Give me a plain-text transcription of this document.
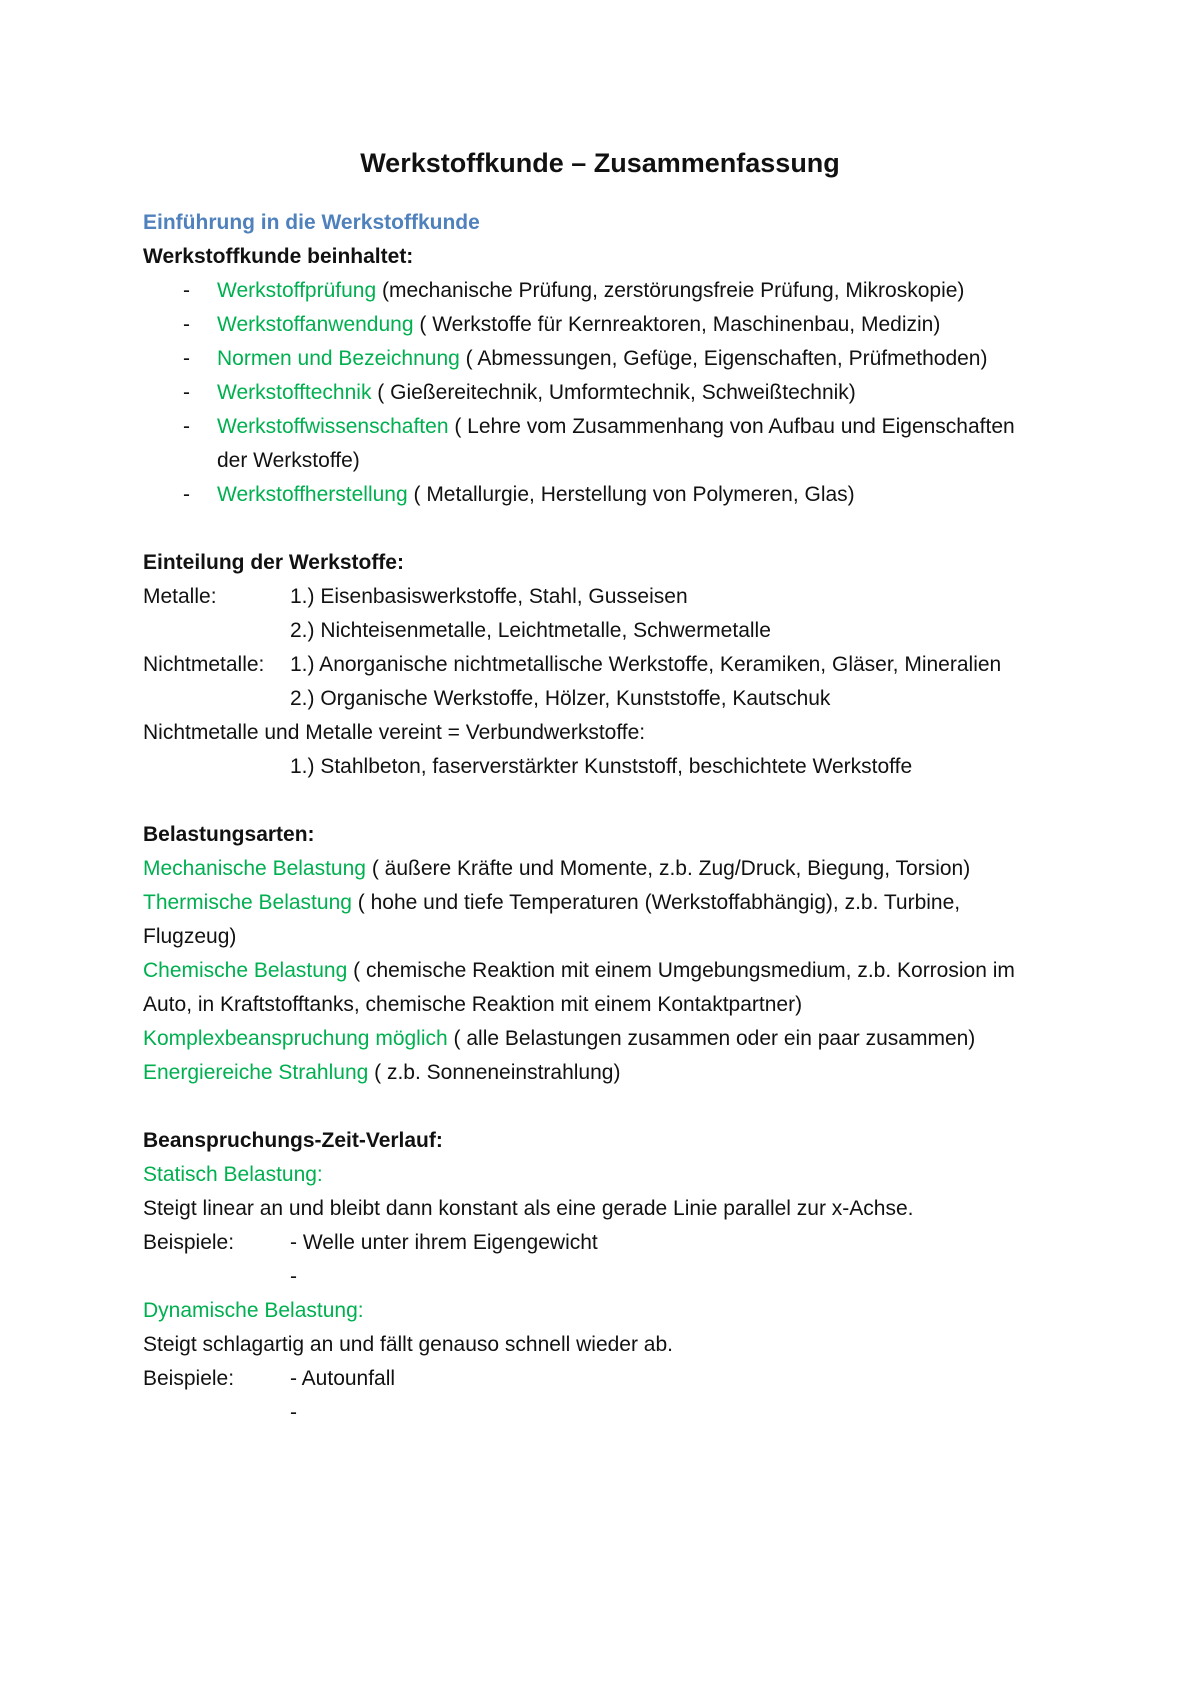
Werkstoffkunde – Zusammenfassung
Einführung in die Werkstoffkunde
Werkstoffkunde beinhaltet:
- Werkstoffprüfung (mechanische Prüfung, zerstörungsfreie Prüfung, Mikroskopie)
- Werkstoffanwendung ( Werkstoffe für Kernreaktoren, Maschinenbau, Medizin)
- Normen und Bezeichnung ( Abmessungen, Gefüge, Eigenschaften, Prüfmethoden)
- Werkstofftechnik ( Gießereitechnik, Umformtechnik, Schweißtechnik)
- Werkstoffwissenschaften ( Lehre vom Zusammenhang von Aufbau und Eigenschaften
der Werkstoffe)
- Werkstoffherstellung ( Metallurgie, Herstellung von Polymeren, Glas)
Einteilung der Werkstoffe:
Metalle:	1.) Eisenbasiswerkstoffe, Stahl, Gusseisen
2.) Nichteisenmetalle, Leichtmetalle, Schwermetalle
Nichtmetalle:	1.) Anorganische nichtmetallische Werkstoffe, Keramiken, Gläser, Mineralien
2.) Organische Werkstoffe, Hölzer, Kunststoffe, Kautschuk
Nichtmetalle und Metalle vereint = Verbundwerkstoffe:
1.) Stahlbeton, faserverstärkter Kunststoff, beschichtete Werkstoffe
Belastungsarten:
Mechanische Belastung ( äußere Kräfte und Momente, z.b. Zug/Druck, Biegung, Torsion)
Thermische Belastung ( hohe und tiefe Temperaturen (Werkstoffabhängig), z.b. Turbine,
Flugzeug)
Chemische Belastung ( chemische Reaktion mit einem Umgebungsmedium, z.b. Korrosion im
Auto, in Kraftstofftanks, chemische Reaktion mit einem Kontaktpartner)
Komplexbeanspruchung möglich ( alle Belastungen zusammen oder ein paar zusammen)
Energiereiche Strahlung ( z.b. Sonneneinstrahlung)
Beanspruchungs-Zeit-Verlauf:
Statisch Belastung:
Steigt linear an und bleibt dann konstant als eine gerade Linie parallel zur x-Achse.
Beispiele:	- Welle unter ihrem Eigengewicht
-
Dynamische Belastung:
Steigt schlagartig an und fällt genauso schnell wieder ab.
Beispiele:	- Autounfall
-
